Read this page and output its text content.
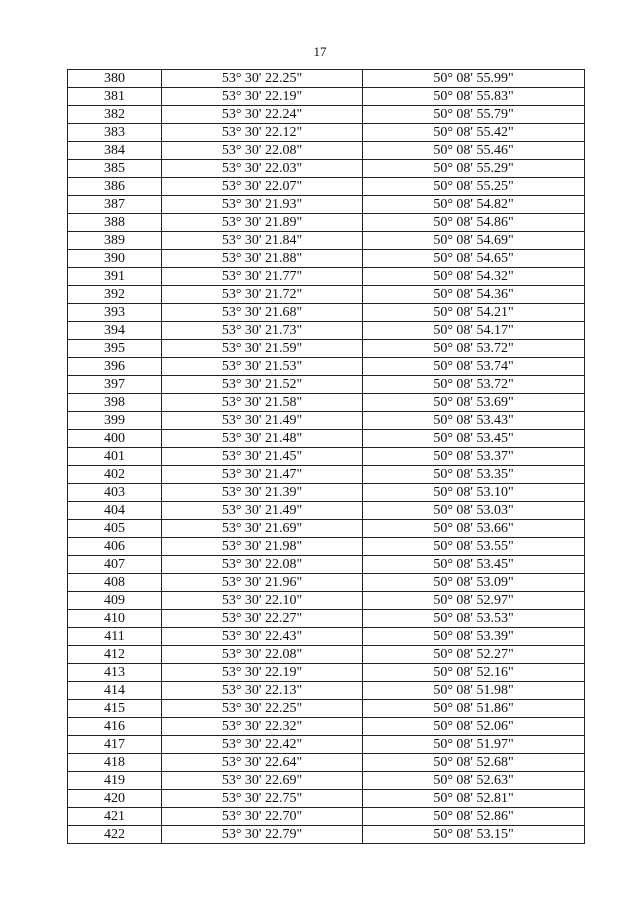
17
380	53° 30' 22.25"	50° 08' 55.99"
381	53° 30' 22.19"	50° 08' 55.83"
382	53° 30' 22.24"	50° 08' 55.79"
383	53° 30' 22.12"	50° 08' 55.42"
384	53° 30' 22.08"	50° 08' 55.46"
385	53° 30' 22.03"	50° 08' 55.29"
386	53° 30' 22.07"	50° 08' 55.25"
387	53° 30' 21.93"	50° 08' 54.82"
388	53° 30' 21.89"	50° 08' 54.86"
389	53° 30' 21.84"	50° 08' 54.69"
390	53° 30' 21.88"	50° 08' 54.65"
391	53° 30' 21.77"	50° 08' 54.32"
392	53° 30' 21.72"	50° 08' 54.36"
393	53° 30' 21.68"	50° 08' 54.21"
394	53° 30' 21.73"	50° 08' 54.17"
395	53° 30' 21.59"	50° 08' 53.72"
396	53° 30' 21.53"	50° 08' 53.74"
397	53° 30' 21.52"	50° 08' 53.72"
398	53° 30' 21.58"	50° 08' 53.69"
399	53° 30' 21.49"	50° 08' 53.43"
400	53° 30' 21.48"	50° 08' 53.45"
401	53° 30' 21.45"	50° 08' 53.37"
402	53° 30' 21.47"	50° 08' 53.35"
403	53° 30' 21.39"	50° 08' 53.10"
404	53° 30' 21.49"	50° 08' 53.03"
405	53° 30' 21.69"	50° 08' 53.66"
406	53° 30' 21.98"	50° 08' 53.55"
407	53° 30' 22.08"	50° 08' 53.45"
408	53° 30' 21.96"	50° 08' 53.09"
409	53° 30' 22.10"	50° 08' 52.97"
410	53° 30' 22.27"	50° 08' 53.53"
411	53° 30' 22.43"	50° 08' 53.39"
412	53° 30' 22.08"	50° 08' 52.27"
413	53° 30' 22.19"	50° 08' 52.16"
414	53° 30' 22.13"	50° 08' 51.98"
415	53° 30' 22.25"	50° 08' 51.86"
416	53° 30' 22.32"	50° 08' 52.06"
417	53° 30' 22.42"	50° 08' 51.97"
418	53° 30' 22.64"	50° 08' 52.68"
419	53° 30' 22.69"	50° 08' 52.63"
420	53° 30' 22.75"	50° 08' 52.81"
421	53° 30' 22.70"	50° 08' 52.86"
422	53° 30' 22.79"	50° 08' 53.15"
